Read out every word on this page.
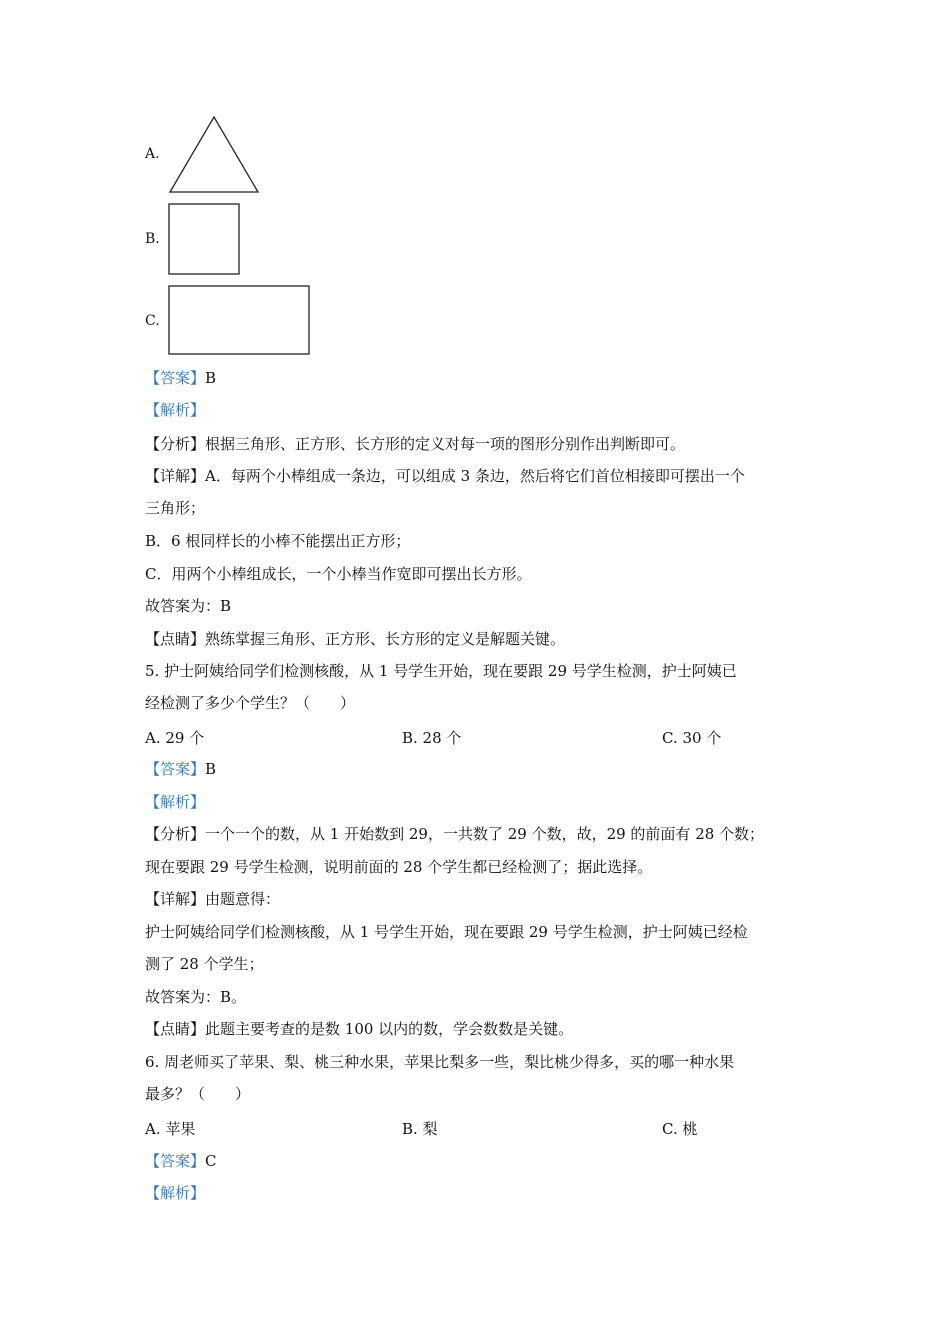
A.
B.
C.
【答案】B
【解析】
【分析】根据三角形、正方形、长方形的定义对每一项的图形分别作出判断即可。
【详解】A．每两个小棒组成一条边，可以组成 3 条边，然后将它们首位相接即可摆出一个
三角形；
B．6 根同样长的小棒不能摆出正方形；
C．用两个小棒组成长，一个小棒当作宽即可摆出长方形。
故答案为：B
【点睛】熟练掌握三角形、正方形、长方形的定义是解题关键。
5. 护士阿姨给同学们检测核酸，从 1 号学生开始，现在要跟 29 号学生检测，护士阿姨已
经检测了多少个学生？（　　）
A. 29 个	B. 28 个	C. 30 个
【答案】B
【解析】
【分析】一个一个的数，从 1 开始数到 29，一共数了 29 个数，故，29 的前面有 28 个数；
现在要跟 29 号学生检测，说明前面的 28 个学生都已经检测了；据此选择。
【详解】由题意得：
护士阿姨给同学们检测核酸，从 1 号学生开始，现在要跟 29 号学生检测，护士阿姨已经检
测了 28 个学生；
故答案为：B。
【点睛】此题主要考查的是数 100 以内的数，学会数数是关键。
6. 周老师买了苹果、梨、桃三种水果，苹果比梨多一些，梨比桃少得多，买的哪一种水果
最多？（　　）
A. 苹果	B. 梨	C. 桃
【答案】C
【解析】
